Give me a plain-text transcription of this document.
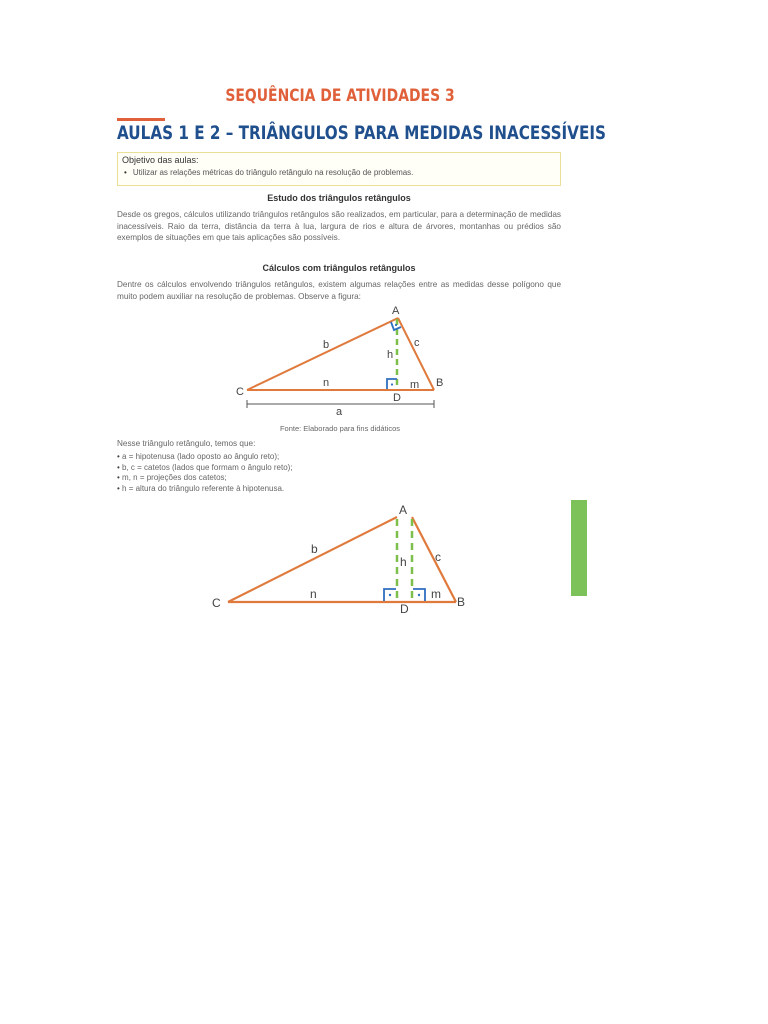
SEQUÊNCIA DE ATIVIDADES 3
AULAS 1 E 2 – TRIÂNGULOS PARA MEDIDAS INACESSÍVEIS
Objetivo das aulas:
• Utilizar as relações métricas do triângulo retângulo na resolução de problemas.
Estudo dos triângulos retângulos
Desde os gregos, cálculos utilizando triângulos retângulos são realizados, em particular, para a determinação de medidas inacessíveis. Raio da terra, distância da terra à lua, largura de rios e altura de árvores, montanhas ou prédios são exemplos de situações em que tais aplicações são possíveis.
Cálculos com triângulos retângulos
Dentre os cálculos envolvendo triângulos retângulos, existem algumas relações entre as medidas desse polígono que muito podem auxiliar na resolução de problemas. Observe a figura:
A
B
C	D
a
b	c
h
m
n
Fonte: Elaborado para fins didáticos
Nesse triângulo retângulo, temos que:
• a = hipotenusa (lado oposto ao ângulo reto);
• b, c = catetos (lados que formam o ângulo reto);
• m, n = projeções dos catetos;
• h = altura do triângulo referente à hipotenusa.
A
B
C	D
b
c
h
m
n
